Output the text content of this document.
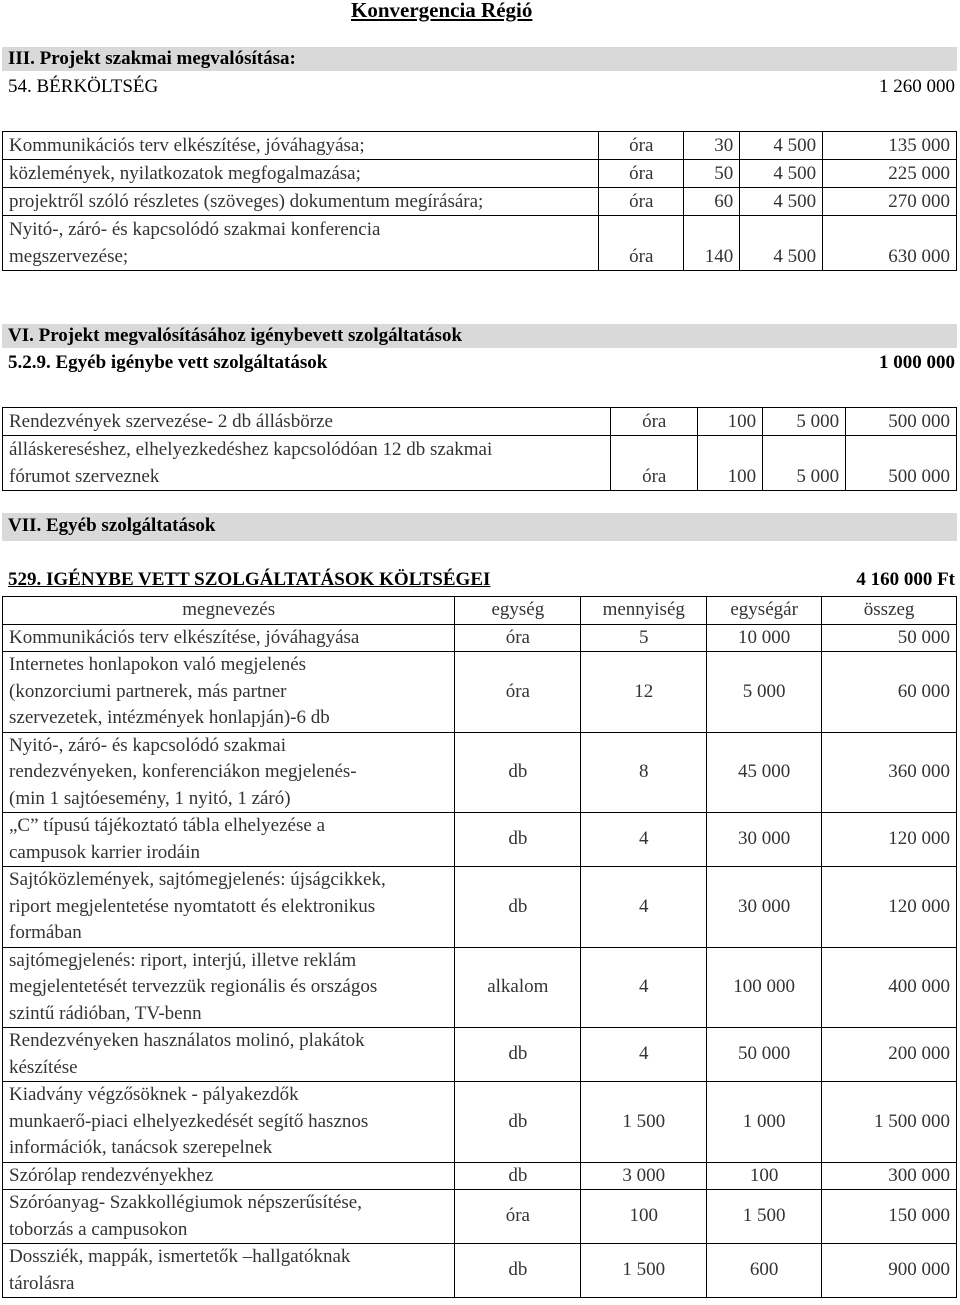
Konvergencia Régió
III. Projekt szakmai megvalósítása:
54. BÉRKÖLTSÉG	1 260 000
Kommunikációs terv elkészítése, jóváhagyása;	óra	30	4 500	135 000

közlemények, nyilatkozatok megfogalmazása;	óra	50	4 500	225 000

projektről szóló részletes (szöveges) dokumentum megírására;	óra	60	4 500	270 000

Nyitó-, záró- és kapcsolódó szakmai konferencia
megszervezése;	óra	140	4 500	630 000
VI. Projekt megvalósításához igénybevett szolgáltatások
5.2.9. Egyéb igénybe vett szolgáltatások	1 000 000
Rendezvények szervezése- 2 db állásbörze	óra	100	5 000	500 000

álláskereséshez, elhelyezkedéshez kapcsolódóan 12 db szakmai
fórumot szerveznek	óra	100	5 000	500 000
VII. Egyéb szolgáltatások
529. IGÉNYBE VETT SZOLGÁLTATÁSOK KÖLTSÉGEI	4 160 000 Ft
megnevezés	egység	mennyiség	egységár	összeg

Kommunikációs terv elkészítése, jóváhagyása	óra	5	10 000	50 000

Internetes honlapokon való megjelenés
(konzorciumi partnerek, más partner
szervezetek, intézmények honlapján)-6 db	óra	12	5 000	60 000

Nyitó-, záró- és kapcsolódó szakmai
rendezvényeken, konferenciákon megjelenés-
(min 1 sajtóesemény, 1 nyitó, 1 záró)	db	8	45 000	360 000

„C” típusú tájékoztató tábla elhelyezése a
campusok karrier irodáin	db	4	30 000	120 000

Sajtóközlemények, sajtómegjelenés: újságcikkek,
riport megjelentetése nyomtatott és elektronikus
formában	db	4	30 000	120 000

sajtómegjelenés: riport, interjú, illetve reklám
megjelentetését tervezzük regionális és országos
szintű rádióban, TV-benn	alkalom	4	100 000	400 000

Rendezvényeken használatos molinó, plakátok
készítése	db	4	50 000	200 000

Kiadvány végzősöknek - pályakezdők
munkaerő-piaci elhelyezkedését segítő hasznos
információk, tanácsok szerepelnek	db	1 500	1 000	1 500 000

Szórólap rendezvényekhez	db	3 000	100	300 000

Szóróanyag- Szakkollégiumok népszerűsítése,
toborzás a campusokon	óra	100	1 500	150 000

Dossziék, mappák, ismertetők –hallgatóknak
tárolásra	db	1 500	600	900 000
